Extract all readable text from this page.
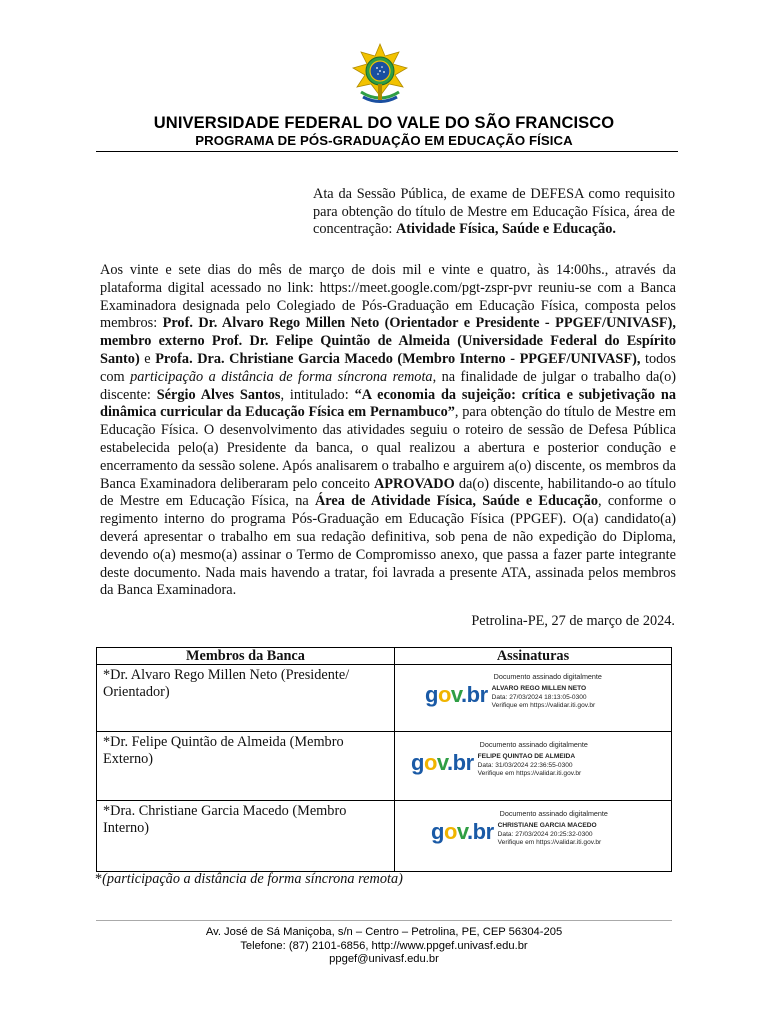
UNIVERSIDADE FEDERAL DO VALE DO SÃO FRANCISCO
PROGRAMA DE PÓS-GRADUAÇÃO EM EDUCAÇÃO FÍSICA
Ata da Sessão Pública, de exame de DEFESA como requisito para obtenção do título de Mestre em Educação Física, área de concentração: Atividade Física, Saúde e Educação.
Aos vinte e sete dias do mês de março de dois mil e vinte e quatro, às 14:00hs., através da plataforma digital acessado no link: https://meet.google.com/pgt-zspr-pvr reuniu-se com a Banca Examinadora designada pelo Colegiado de Pós-Graduação em Educação Física, composta pelos membros: Prof. Dr. Alvaro Rego Millen Neto (Orientador e Presidente - PPGEF/UNIVASF), membro externo Prof. Dr. Felipe Quintão de Almeida (Universidade Federal do Espírito Santo) e Profa. Dra. Christiane Garcia Macedo (Membro Interno - PPGEF/UNIVASF), todos com participação a distância de forma síncrona remota, na finalidade de julgar o trabalho da(o) discente: Sérgio Alves Santos, intitulado: “A economia da sujeição: crítica e subjetivação na dinâmica curricular da Educação Física em Pernambuco”, para obtenção do título de Mestre em Educação Física. O desenvolvimento das atividades seguiu o roteiro de sessão de Defesa Pública estabelecida pelo(a) Presidente da banca, o qual realizou a abertura e posterior condução e encerramento da sessão solene. Após analisarem o trabalho e arguirem a(o) discente, os membros da Banca Examinadora deliberaram pelo conceito APROVADO da(o) discente, habilitando-o ao título de Mestre em Educação Física, na Área de Atividade Física, Saúde e Educação, conforme o regimento interno do programa Pós-Graduação em Educação Física (PPGEF). O(a) candidato(a) deverá apresentar o trabalho em sua redação definitiva, sob pena de não expedição do Diploma, devendo o(a) mesmo(a) assinar o Termo de Compromisso anexo, que passa a fazer parte integrante deste documento. Nada mais havendo a tratar, foi lavrada a presente ATA, assinada pelos membros da Banca Examinadora.
Petrolina-PE, 27 de março de 2024.
Membros da Banca	Assinaturas
*Dr. Alvaro Rego Millen Neto (Presidente/ Orientador)	gov.br
Documento assinado digitalmente
ALVARO REGO MILLEN NETO
Data: 27/03/2024 18:13:05-0300
Verifique em https://validar.iti.gov.br

*Dr. Felipe Quintão de Almeida (Membro Externo)	gov.br
Documento assinado digitalmente
FELIPE QUINTAO DE ALMEIDA
Data: 31/03/2024 22:36:55-0300
Verifique em https://validar.iti.gov.br

*Dra. Christiane Garcia Macedo (Membro Interno)	gov.br
Documento assinado digitalmente
CHRISTIANE GARCIA MACEDO
Data: 27/03/2024 20:25:32-0300
Verifique em https://validar.iti.gov.br
*(participação a distância de forma síncrona remota)
Av. José de Sá Maniçoba, s/n – Centro – Petrolina, PE, CEP 56304-205
Telefone: (87) 2101-6856, http://www.ppgef.univasf.edu.br
ppgef@univasf.edu.br
